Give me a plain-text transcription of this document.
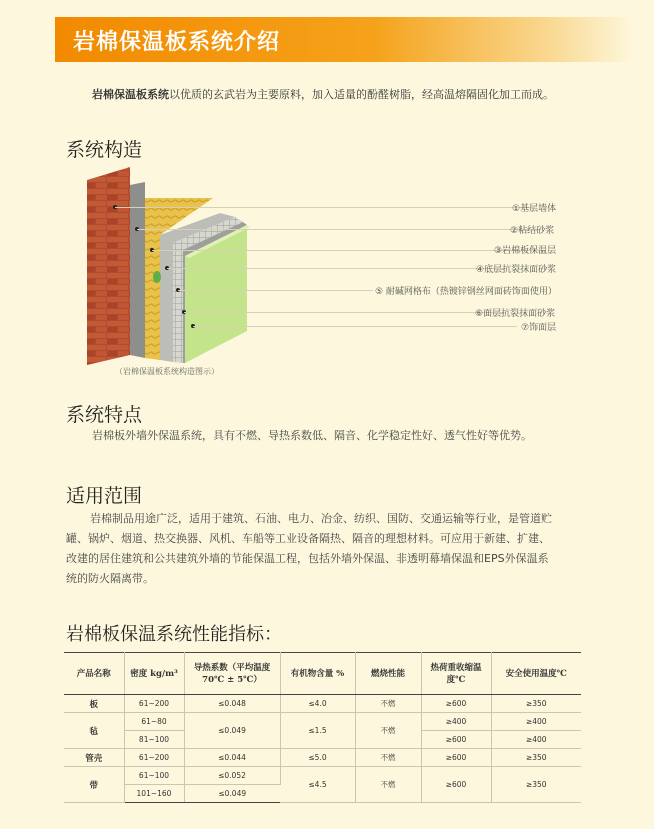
岩棉保温板系统介绍
岩棉保温板系统以优质的玄武岩为主要原料，加入适量的酚醛树脂，经高温熔隔固化加工而成。
系统构造
①基层墙体
②粘结砂浆
③岩棉板保温层
④底层抗裂抹面砂浆
⑤ 耐碱网格布（热镀锌钢丝网面砖饰面使用）
⑥面层抗裂抹面砂浆
⑦饰面层
（岩棉保温板系统构造图示）
系统特点
岩棉板外墙外保温系统，具有不燃、导热系数低、隔音、化学稳定性好、透气性好等优势。
适用范围
岩棉制品用途广泛，适用于建筑、石油、电力、冶金、纺织、国防、交通运输等行业，是管道贮
罐、锅炉、烟道、热交换器、风机、车船等工业设备隔热、隔音的理想材料。可应用于新建、扩建、
改建的居住建筑和公共建筑外墙的节能保温工程，包括外墙外保温、非透明幕墙保温和EPS外保温系
统的防火隔离带。
岩棉板保温系统性能指标：
产品名称	密度 kg/m³	导热系数（平均温度 70℃ ± 5℃）	有机物含量 %	燃烧性能	热荷重收缩温度℃	安全使用温度℃
板	61~200	≤0.048	≤4.0	不燃	≥600	≥350
毡	61~80	≤0.049	≤1.5	不燃	≥400	≥400
	81~100				≥600	≥400
管壳	61~200	≤0.044	≤5.0	不燃	≥600	≥350
带	61~100	≤0.052	≤4.5	不燃	≥600	≥350
	101~160	≤0.049				
